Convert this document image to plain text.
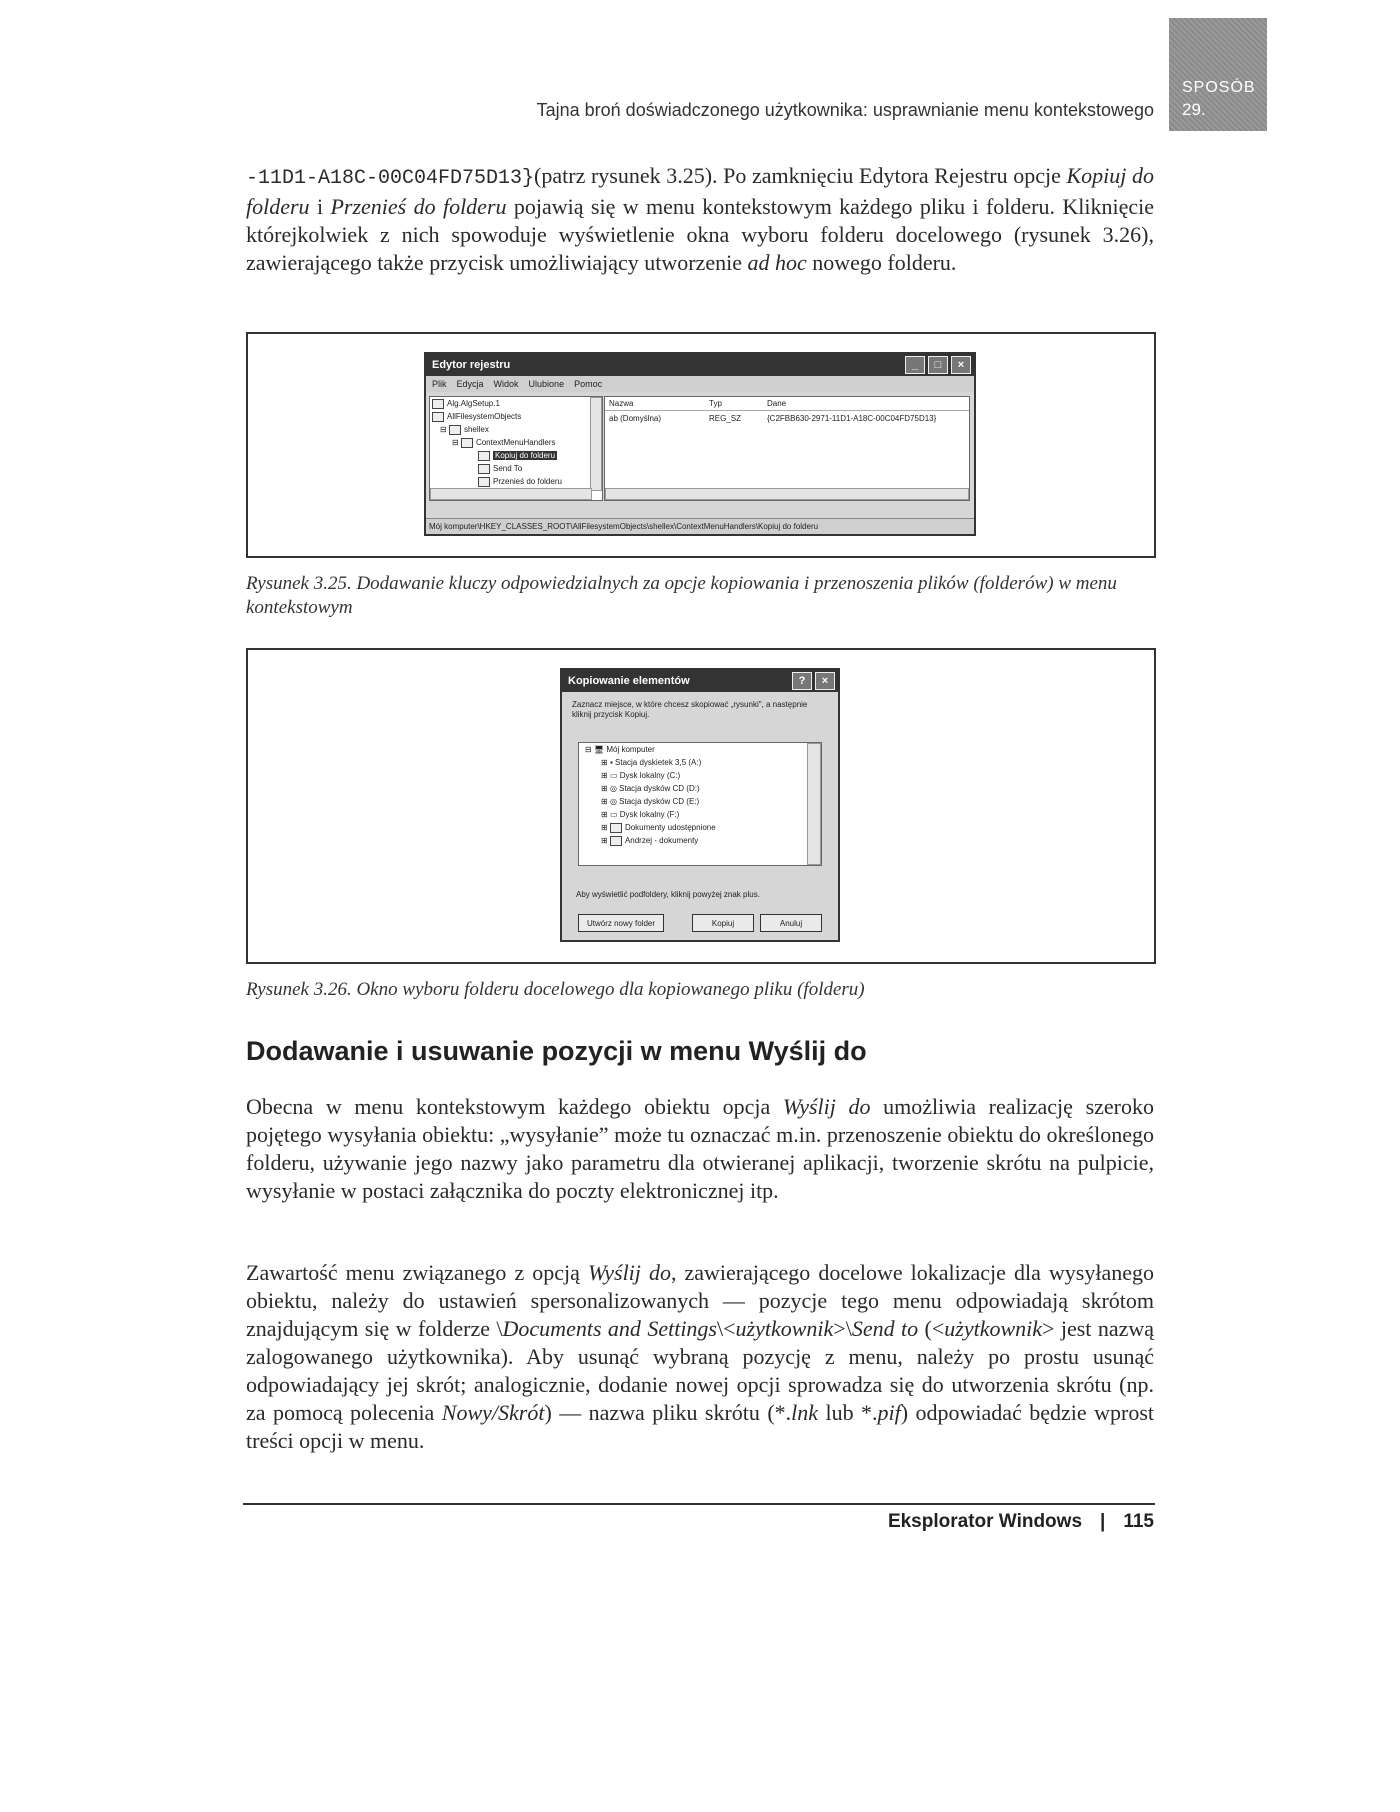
Tajna broń doświadczonego użytkownika: usprawnianie menu kontekstowego
SPOSÓB
29.
-11D1-A18C-00C04FD75D13}(patrz rysunek 3.25). Po zamknięciu Edytora Rejestru opcje Kopiuj do folderu i Przenieś do folderu pojawią się w menu kontekstowym każdego pliku i folderu. Kliknięcie którejkolwiek z nich spowoduje wyświetlenie okna wyboru folderu docelowego (rysunek 3.26), zawierającego także przycisk umożliwiający utworzenie ad hoc nowego folderu.
Edytor rejestru	_	□	×
Plik Edycja Widok Ulubione Pomoc
Alg.AlgSetup.1
AllFilesystemObjects
⊟ shellex
⊟ ContextMenuHandlers
Kopiuj do folderu
Send To
Przenieś do folderu
Nazwa	Typ	Dane
ab (Domyślna)	REG_SZ	{C2FBB630-2971-11D1-A18C-00C04FD75D13}
Mój komputer\HKEY_CLASSES_ROOT\AllFilesystemObjects\shellex\ContextMenuHandlers\Kopiuj do folderu
Rysunek 3.25. Dodawanie kluczy odpowiedzialnych za opcje kopiowania i przenoszenia plików (folderów) w menu kontekstowym
Kopiowanie elementów	?	×
Zaznacz miejsce, w które chcesz skopiować „rysunki", a następnie kliknij przycisk Kopiuj.
⊟ 🖥 Mój komputer
⊞ ▪ Stacja dyskietek 3,5 (A:)
⊞ ▭ Dysk lokalny (C:)
⊞ ◎ Stacja dysków CD (D:)
⊞ ◎ Stacja dysków CD (E:)
⊞ ▭ Dysk lokalny (F:)
⊞ Dokumenty udostępnione
⊞ Andrzej - dokumenty
Aby wyświetlić podfoldery, kliknij powyżej znak plus.
Utwórz nowy folder	Kopiuj	Anuluj
Rysunek 3.26. Okno wyboru folderu docelowego dla kopiowanego pliku (folderu)
Dodawanie i usuwanie pozycji w menu Wyślij do
Obecna w menu kontekstowym każdego obiektu opcja Wyślij do umożliwia realizację szeroko pojętego wysyłania obiektu: „wysyłanie” może tu oznaczać m.in. przenoszenie obiektu do określonego folderu, używanie jego nazwy jako parametru dla otwieranej aplikacji, tworzenie skrótu na pulpicie, wysyłanie w postaci załącznika do poczty elektronicznej itp.
Zawartość menu związanego z opcją Wyślij do, zawierającego docelowe lokalizacje dla wysyłanego obiektu, należy do ustawień spersonalizowanych — pozycje tego menu odpowiadają skrótom znajdującym się w folderze \Documents and Settings\<użytkownik>\Send to (<użytkownik> jest nazwą zalogowanego użytkownika). Aby usunąć wybraną pozycję z menu, należy po prostu usunąć odpowiadający jej skrót; analogicznie, dodanie nowej opcji sprowadza się do utworzenia skrótu (np. za pomocą polecenia Nowy/Skrót) — nazwa pliku skrótu (*.lnk lub *.pif) odpowiadać będzie wprost treści opcji w menu.
Eksplorator Windows | 115
